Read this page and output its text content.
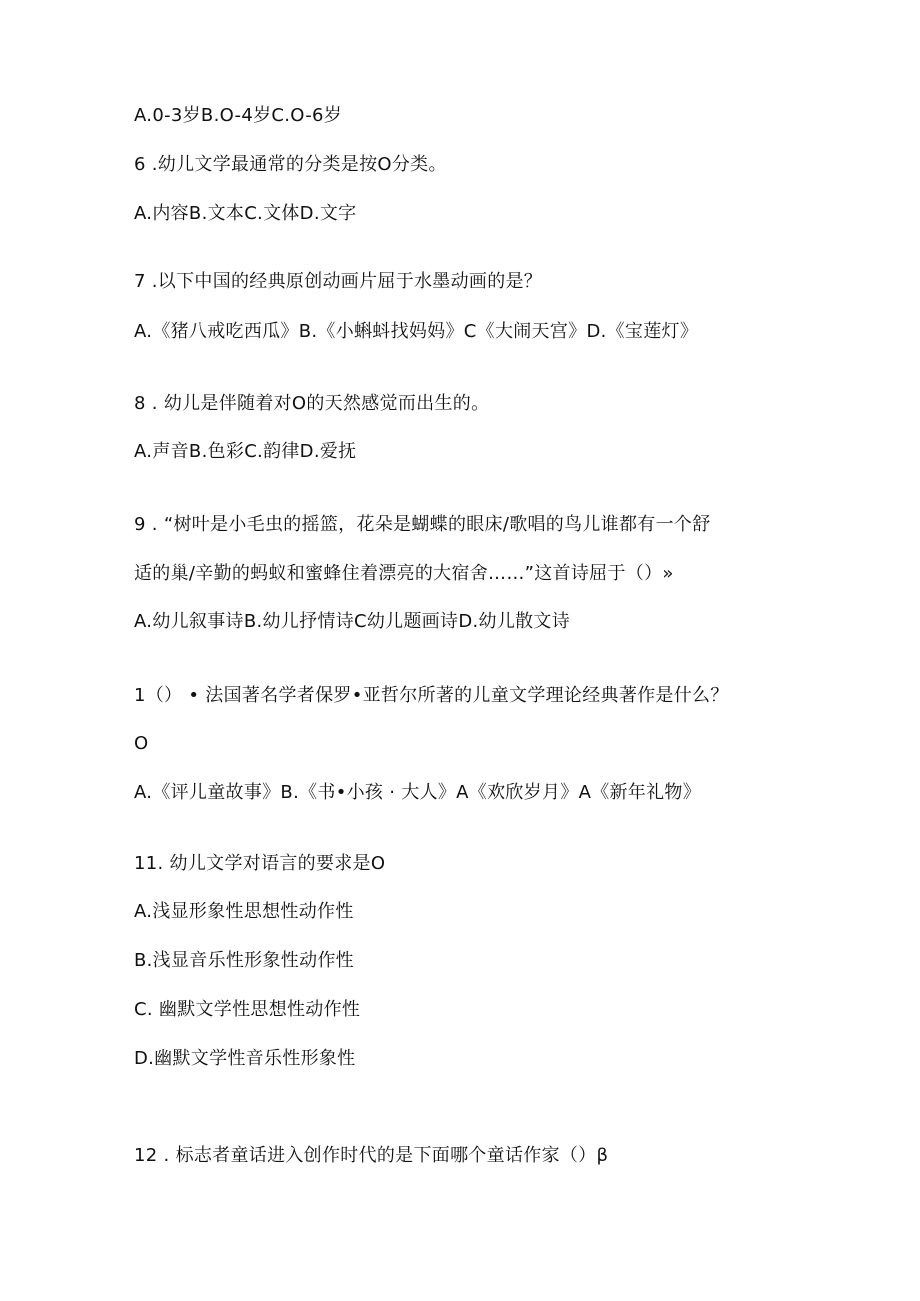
A.0-3岁B.O-4岁C.O-6岁
6 .幼儿文学最通常的分类是按O分类。
A.内容B.文本C.文体D.文字
7 .以下中国的经典原创动画片屈于水墨动画的是？
A.《猪八戒吃西瓜》B.《小蝌蚪找妈妈》C《大闹天宫》D.《宝莲灯》
8 . 幼儿是伴随着对O的天然感觉而出生的。
A.声音B.色彩C.韵律D.爱抚
9 . “树叶是小毛虫的摇篮，花朵是蝴蝶的眼床/歌唱的鸟儿谁都有一个舒
适的巢/辛勤的蚂蚁和蜜蜂住着漂亮的大宿舍……”这首诗屈于（）»
A.幼儿叙事诗B.幼儿抒情诗C幼儿题画诗D.幼儿散文诗
1（） • 法国著名学者保罗•亚哲尔所著的儿童文学理论经典著作是什么？
O
A.《评儿童故事》B.《书•小孩 · 大人》A《欢欣岁月》A《新年礼物》
11. 幼儿文学对语言的要求是O
A.浅显形象性思想性动作性
B.浅显音乐性形象性动作性
C. 幽默文学性思想性动作性
D.幽默文学性音乐性形象性
12 . 标志者童话进入创作时代的是下面哪个童话作家（）β
